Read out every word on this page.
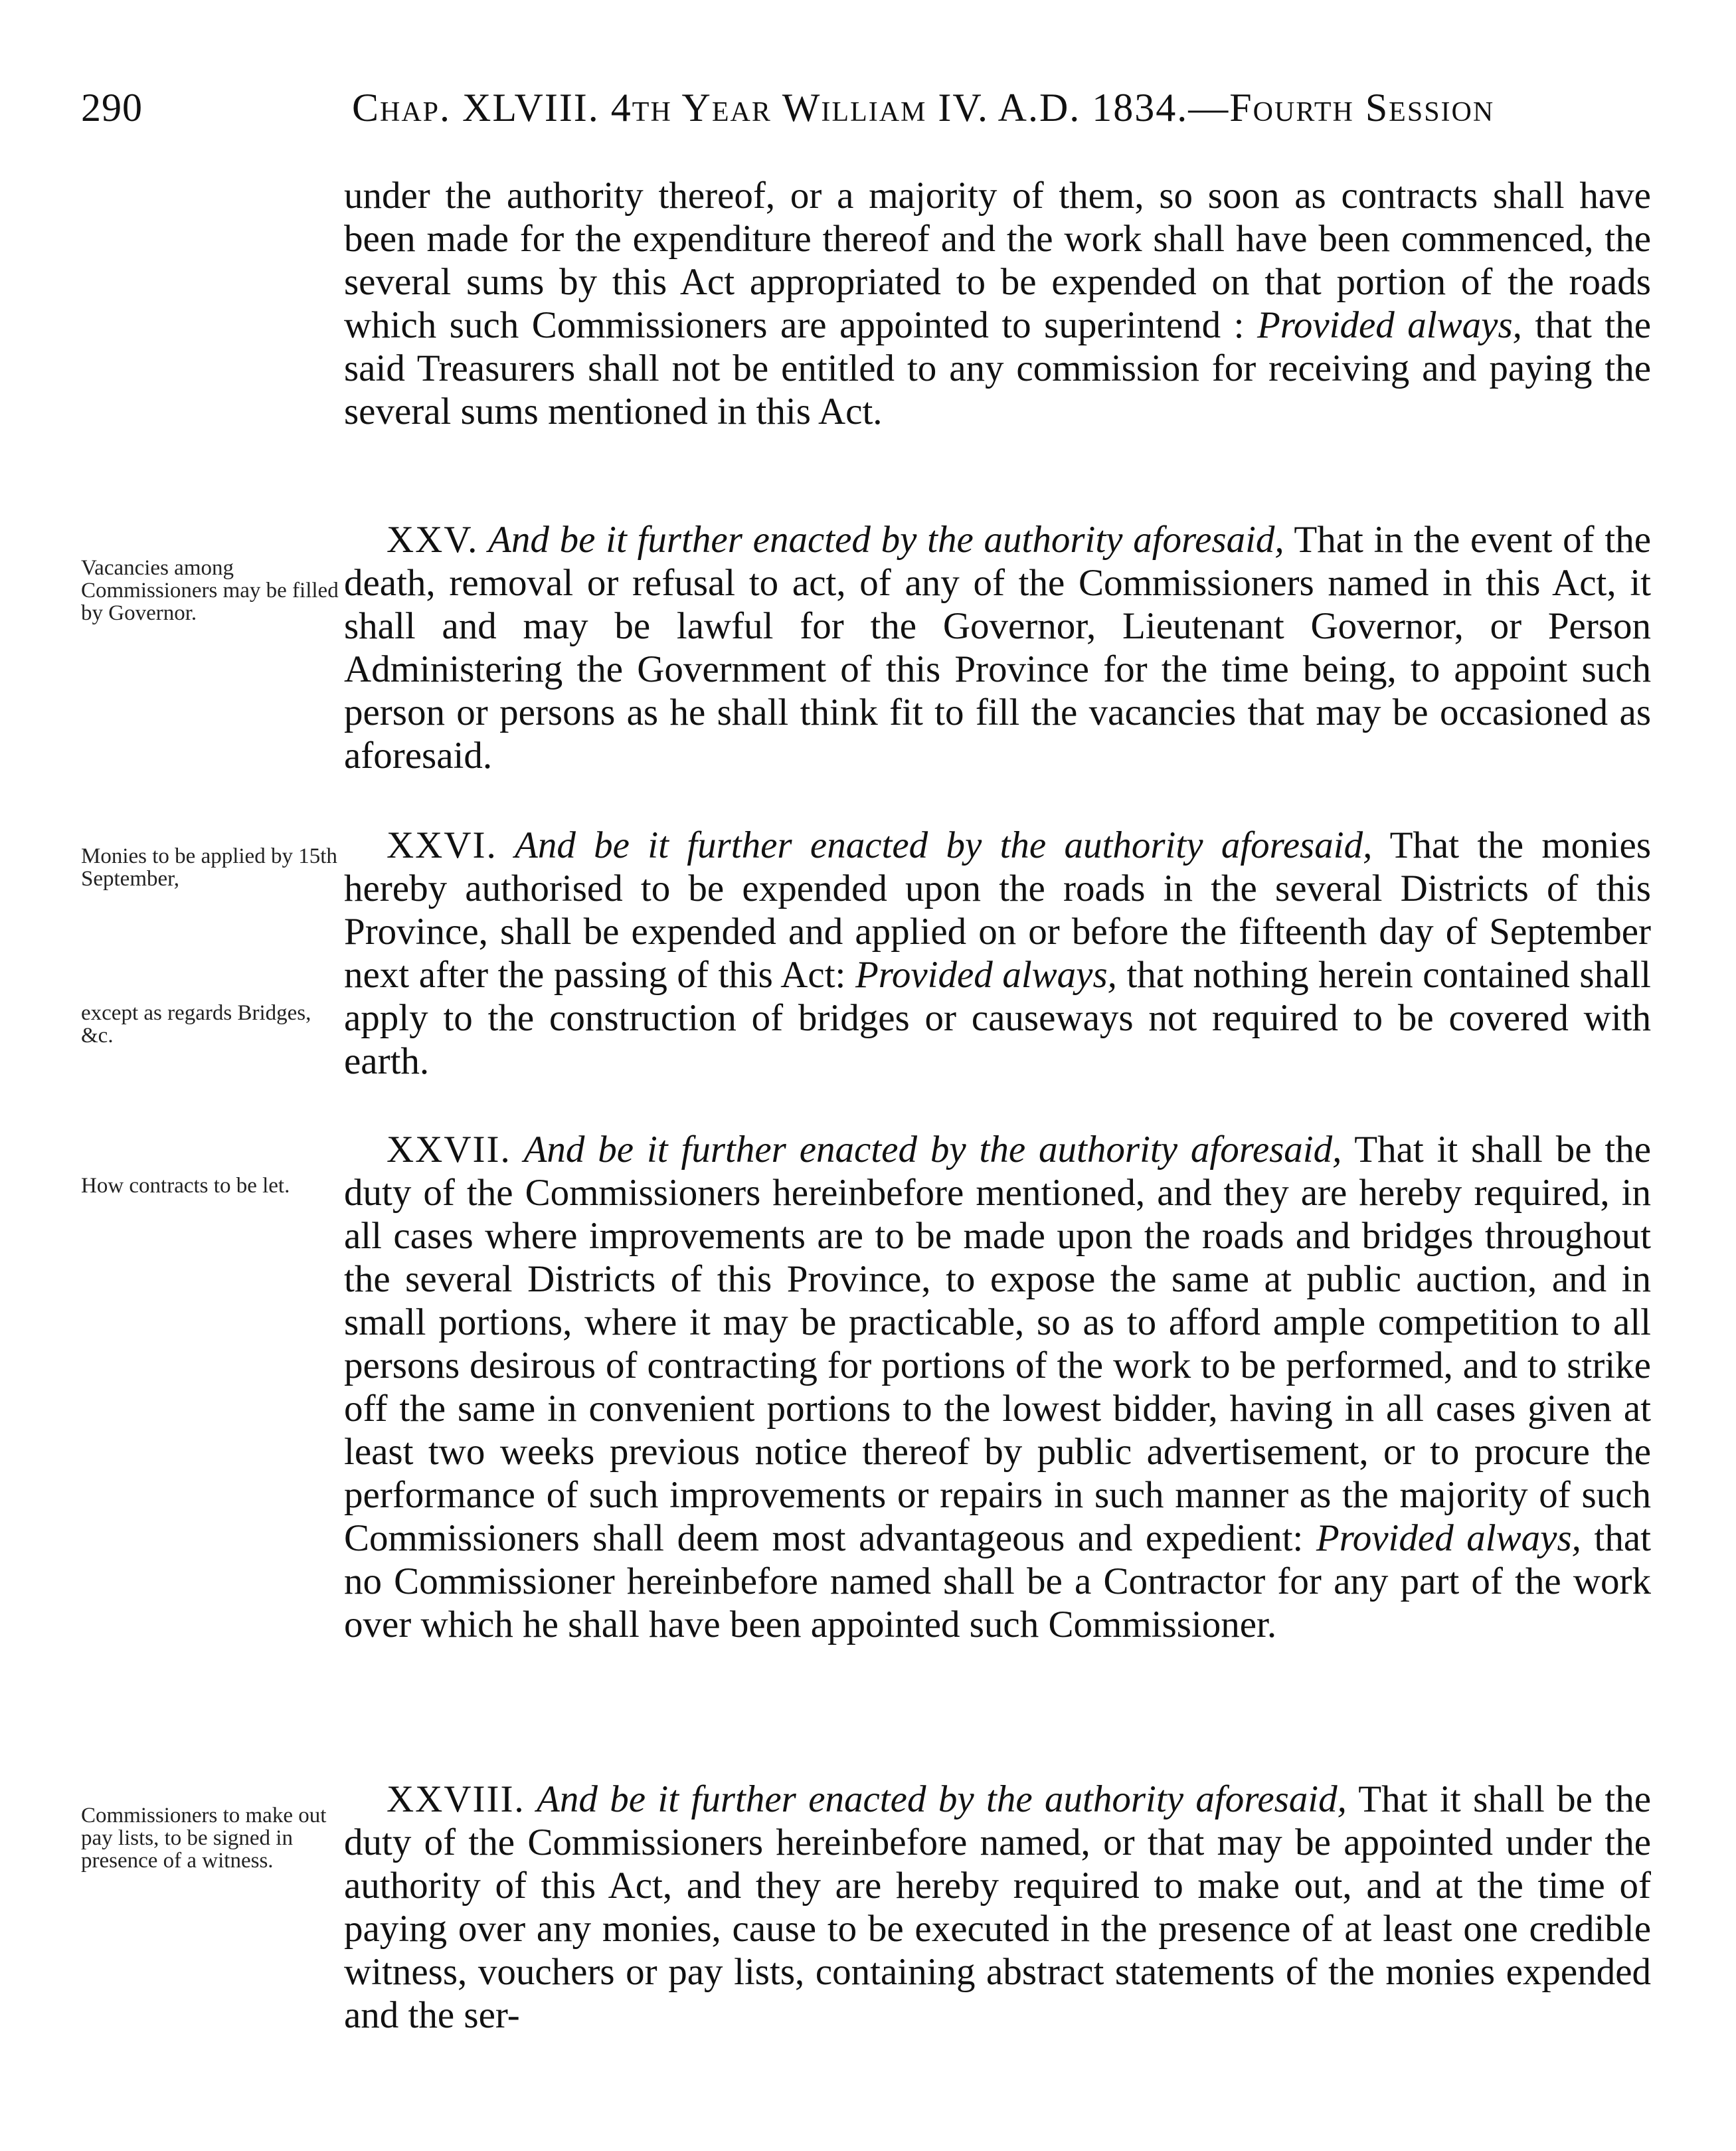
290	Chap. XLVIII. 4th Year William IV. A.D. 1834.—Fourth Session

under the authority thereof, or a majority of them, so soon as contracts shall have been made for the expenditure thereof and the work shall have been commenced, the several sums by this Act appropriated to be expended on that portion of the roads which such Commissioners are appointed to superintend : Provided always, that the said Treasurers shall not be entitled to any commission for receiving and paying the several sums mentioned in this Act.

Vacancies among Commissioners may be filled by Governor.

XXV. And be it further enacted by the authority aforesaid, That in the event of the death, removal or refusal to act, of any of the Commissioners named in this Act, it shall and may be lawful for the Governor, Lieutenant Governor, or Person Administering the Government of this Province for the time being, to appoint such person or persons as he shall think fit to fill the vacancies that may be occasioned as aforesaid.

Monies to be applied by 15th September,
except as regards Bridges, &c.

XXVI. And be it further enacted by the authority aforesaid, That the monies hereby authorised to be expended upon the roads in the several Districts of this Province, shall be expended and applied on or before the fifteenth day of September next after the passing of this Act: Provided always, that nothing herein contained shall apply to the construction of bridges or causeways not required to be covered with earth.

How contracts to be let.

XXVII. And be it further enacted by the authority aforesaid, That it shall be the duty of the Commissioners hereinbefore mentioned, and they are hereby required, in all cases where improvements are to be made upon the roads and bridges throughout the several Districts of this Province, to expose the same at public auction, and in small portions, where it may be practicable, so as to afford ample competition to all persons desirous of contracting for portions of the work to be performed, and to strike off the same in convenient portions to the lowest bidder, having in all cases given at least two weeks previous notice thereof by public advertisement, or to procure the performance of such improvements or repairs in such manner as the majority of such Commissioners shall deem most advantageous and expedient: Provided always, that no Commissioner hereinbefore named shall be a Contractor for any part of the work over which he shall have been appointed such Commissioner.

Commissioners to make out pay lists, to be signed in presence of a witness.

XXVIII. And be it further enacted by the authority aforesaid, That it shall be the duty of the Commissioners hereinbefore named, or that may be appointed under the authority of this Act, and they are hereby required to make out, and at the time of paying over any monies, cause to be executed in the presence of at least one credible witness, vouchers or pay lists, containing abstract statements of the monies expended and the ser-
